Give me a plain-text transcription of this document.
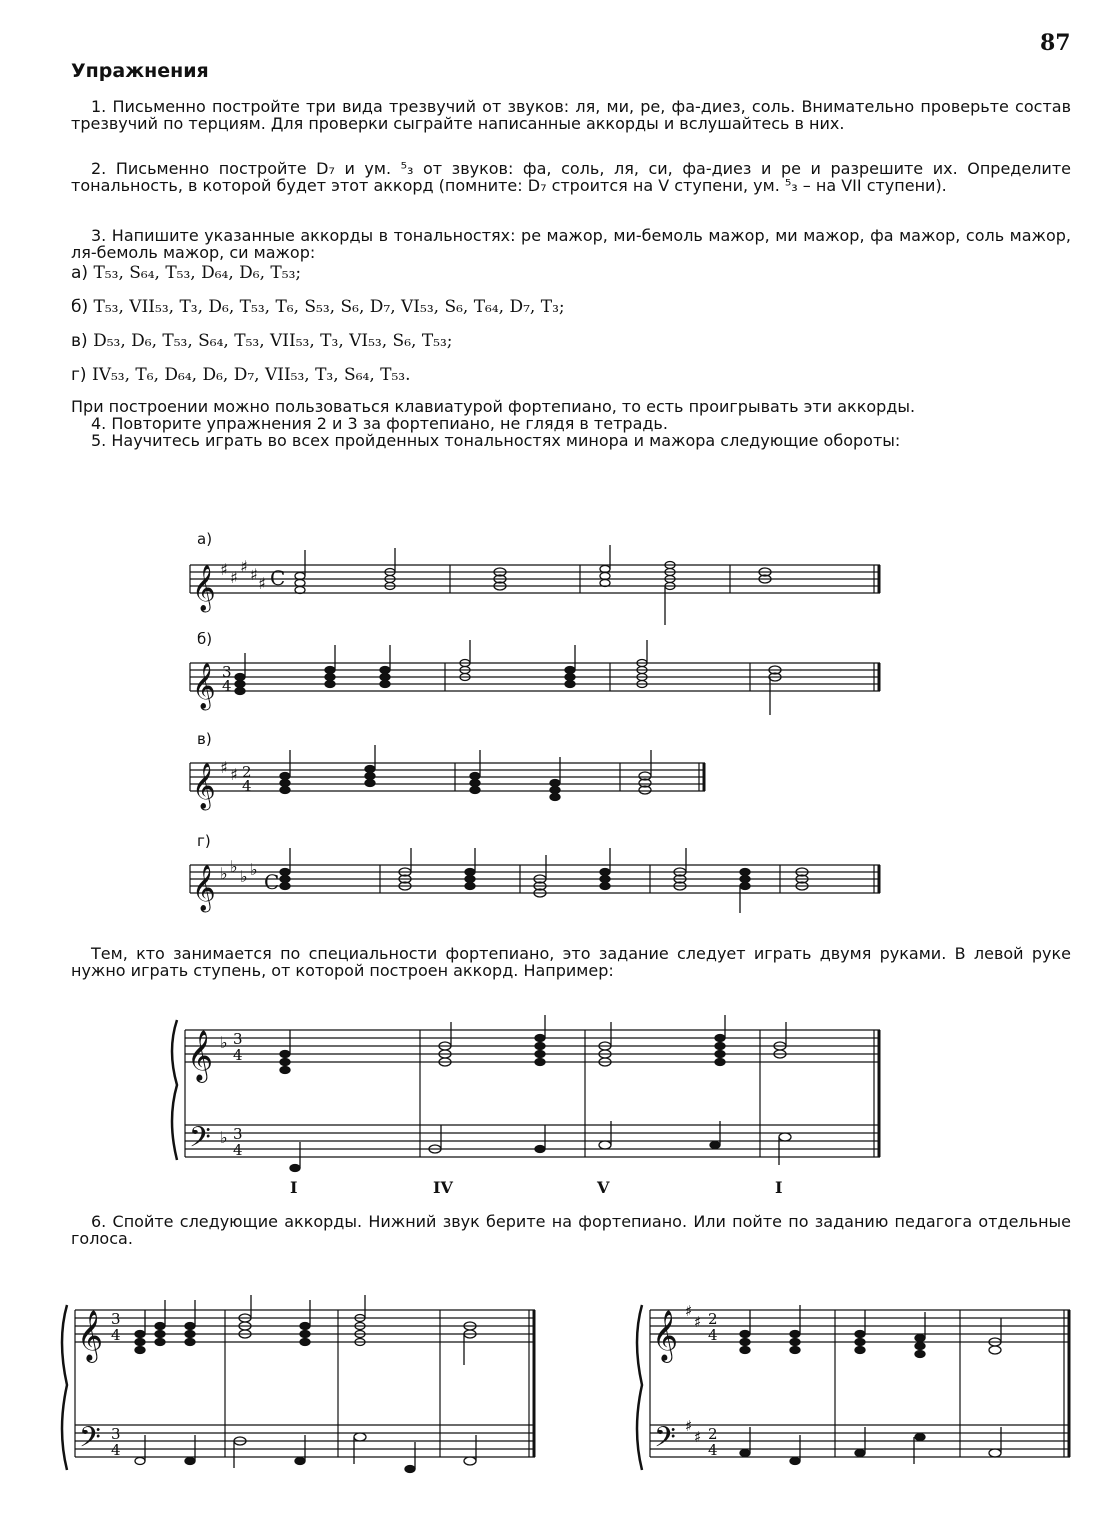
87
Упражнения

1. Письменно постройте три вида трезвучий от звуков: ля, ми, ре, фа-диез, соль. Внимательно проверьте состав трезвучий по терциям. Для проверки сыграйте написанные аккорды и вслушайтесь в них.

2. Письменно постройте D₇ и ум. ⁵₃ от звуков: фа, соль, ля, си, фа-диез и ре и разрешите их. Определите тональность, в которой будет этот аккорд (помните: D₇ строится на V ступени, ум. ⁵₃ – на VII ступени).

3. Напишите указанные аккорды в тональностях: ре мажор, ми-бемоль мажор, ми мажор, фа мажор, соль мажор, ля-бемоль мажор, си мажор:

а) T₅₃, S₆₄, T₅₃, D₆₄, D₆, T₅₃;
б) T₅₃, VII₅₃, T₃, D₆, T₅₃, T₆, S₅₃, S₆, D₇, VI₅₃, S₆, T₆₄, D₇, T₃;
в) D₅₃, D₆, T₅₃, S₆₄, T₅₃, VII₅₃, T₃, VI₅₃, S₆, T₅₃;
г) IV₅₃, T₆, D₆₄, D₆, D₇, VII₅₃, T₃, S₆₄, T₅₃.

При построении можно пользоваться клавиатурой фортепиано, то есть проигрывать эти аккорды.

4. Повторите упражнения 2 и 3 за фортепиано, не глядя в тетрадь.

5. Научитесь играть во всех пройденных тональностях минора и мажора следующие обороты:

а)
б)
в)
г)
𝄞
𝄞
𝄞
𝄞
♯ ♯
♯ ♯ ♯ C
3
4
♯ ♯ 2
4
♭ ♭
♭ ♭
C

Тем, кто занимается по специальности фортепиано, это задание следует играть двумя руками. В левой руке нужно играть ступень, от которой построен аккорд. Например:

𝄞
𝄢
♭
♭
3
4
3
4
I	IV	V	I

6. Спойте следующие аккорды. Нижний звук берите на фортепиано. Или пойте по заданию педагога отдельные голоса.

𝄞
𝄢
3
4
3
4
𝄞
𝄢
♯
♯
♯
♯
2
4
2
4
